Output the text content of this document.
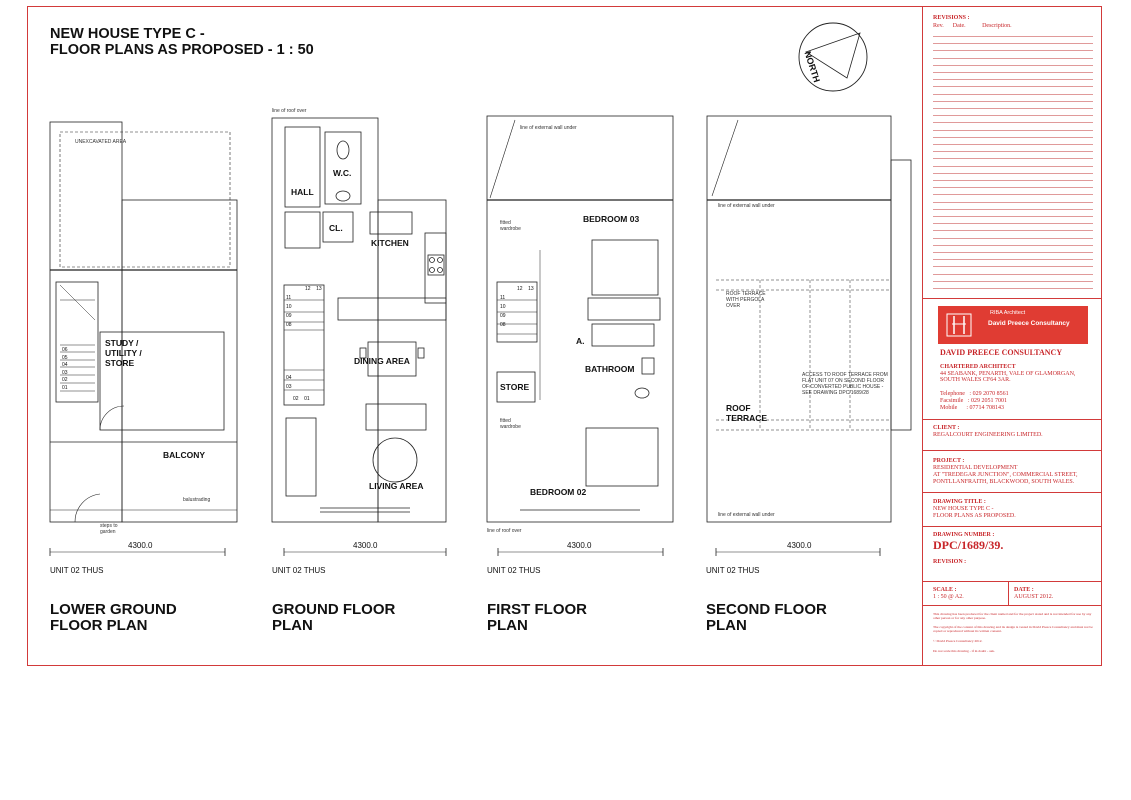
NEW HOUSE TYPE C -
FLOOR PLANS AS PROPOSED - 1 : 50	NORTH
STUDY / UTILITY / STORE
BALCONY
HALL
W.C.
CL.
KITCHEN
DINING AREA
LIVING AREA
BEDROOM 03
A.
BATHROOM
STORE
BEDROOM 02
ROOF TERRACE
UNEXCAVATED AREA
balustrading
steps to garden
line of roof over
line of external wall under
fitted wardrobe
fitted wardrobe
line of roof over
line of external wall under
line of external wall under
ROOF TERRACE WITH PERGOLA OVER
ACCESS TO ROOF TERRACE FROM FLAT UNIT 07 ON SECOND FLOOR OF CONVERTED PUBLIC HOUSE - SEE DRAWING DPC/1689/28
06
05
04
03
02
01
11
10
09
08
04
03
02 01
12 13	12 13
11
10
09
08
4300.0	4300.0	4300.0	4300.0
UNIT 02 THUS	UNIT 02 THUS	UNIT 02 THUS	UNIT 02 THUS
LOWER GROUND
FLOOR PLAN
GROUND FLOOR
PLAN
FIRST FLOOR
PLAN
SECOND FLOOR
PLAN
REVISIONS :
Rev.      Date.           Description.
RIBA Architect
David Preece Consultancy
DAVID PREECE CONSULTANCY
CHARTERED ARCHITECT
44 SEABANK, PENARTH, VALE OF GLAMORGAN,
SOUTH WALES CF64 3AR.
Telephone   : 029 2070 8561
Facsimile   : 029 2051 7001
Mobile      : 07714 708143
CLIENT :
REGALCOURT ENGINEERING LIMITED.
PROJECT :
RESIDENTIAL DEVELOPMENT
AT "TREDEGAR JUNCTION", COMMERCIAL STREET,
PONTLLANFRAITH, BLACKWOOD, SOUTH WALES.
DRAWING TITLE :
NEW HOUSE TYPE C -
FLOOR PLANS AS PROPOSED.
DRAWING NUMBER :
DPC/1689/39.
REVISION :
SCALE :
1 : 50 @ A2.
DATE :
AUGUST 2012.
This drawing has been produced for the client named and for the project stated and is not intended for use by any other person or for any other purpose.
The copyright of the content of this drawing and its design is vested in David Preece Consultancy and must not be copied or reproduced without its written consent.
© David Preece Consultancy 2012.
Do not scale this drawing - if in doubt - ask.
